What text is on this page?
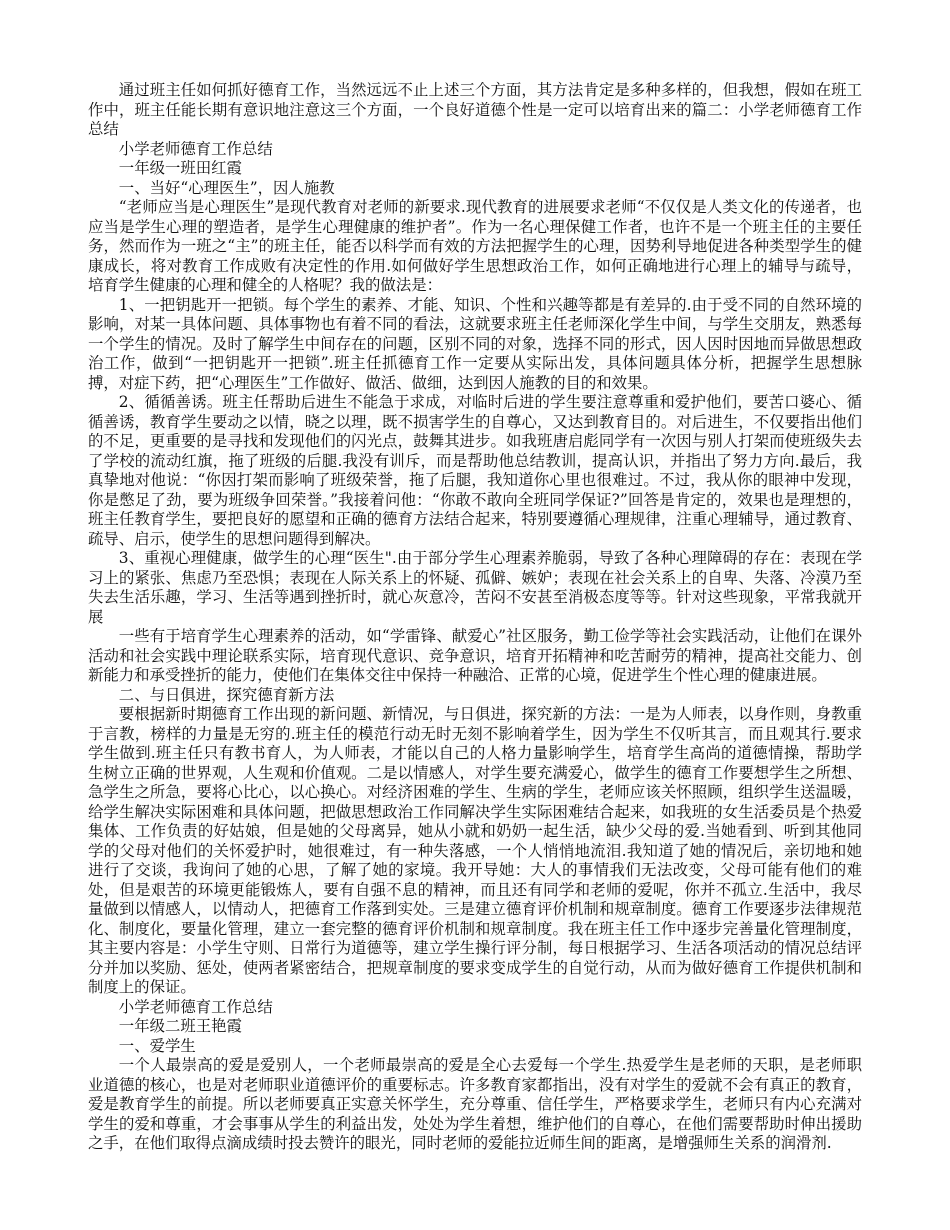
通过班主任如何抓好德育工作，当然远远不止上述三个方面，其方法肯定是多种多样的，但我想，假如在班工作中，班主任能长期有意识地注意这三个方面，一个良好道德个性是一定可以培育出来的篇二：小学老师德育工作总结

小学老师德育工作总结

一年级一班田红霞

一、当好“心理医生”，因人施教

“老师应当是心理医生”是现代教育对老师的新要求.现代教育的进展要求老师“不仅仅是人类文化的传递者，也应当是学生心理的塑造者，是学生心理健康的维护者”。作为一名心理保健工作者，也许不是一个班主任的主要任务，然而作为一班之“主”的班主任，能否以科学而有效的方法把握学生的心理，因势利导地促进各种类型学生的健康成长，将对教育工作成败有决定性的作用.如何做好学生思想政治工作，如何正确地进行心理上的辅导与疏导，培育学生健康的心理和健全的人格呢？我的做法是：

1、一把钥匙开一把锁。每个学生的素养、才能、知识、个性和兴趣等都是有差异的.由于受不同的自然环境的影响，对某一具体问题、具体事物也有着不同的看法，这就要求班主任老师深化学生中间，与学生交朋友，熟悉每一个学生的情况。及时了解学生中间存在的问题，区别不同的对象，选择不同的形式，因人因时因地而异做思想政治工作，做到“一把钥匙开一把锁”.班主任抓德育工作一定要从实际出发，具体问题具体分析，把握学生思想脉搏，对症下药，把“心理医生”工作做好、做活、做细，达到因人施教的目的和效果。

2、循循善诱。班主任帮助后进生不能急于求成，对临时后进的学生要注意尊重和爱护他们，要苦口婆心、循循善诱，教育学生要动之以情，晓之以理，既不损害学生的自尊心，又达到教育目的。对后进生，不仅要指出他们的不足，更重要的是寻找和发现他们的闪光点，鼓舞其进步。如我班唐启彪同学有一次因与别人打架而使班级失去了学校的流动红旗，拖了班级的后腿.我没有训斥，而是帮助他总结教训，提高认识，并指出了努力方向.最后，我真挚地对他说：“你因打架而影响了班级荣誉，拖了后腿，我知道你心里也很难过。不过，我从你的眼神中发现，你是憋足了劲，要为班级争回荣誉。”我接着问他：“你敢不敢向全班同学保证?”回答是肯定的，效果也是理想的，班主任教育学生，要把良好的愿望和正确的德育方法结合起来，特别要遵循心理规律，注重心理辅导，通过教育、疏导、启示，使学生的思想问题得到解决。

3、重视心理健康，做学生的心理“医生".由于部分学生心理素养脆弱，导致了各种心理障碍的存在：表现在学习上的紧张、焦虑乃至恐惧；表现在人际关系上的怀疑、孤僻、嫉妒；表现在社会关系上的自卑、失落、冷漠乃至失去生活乐趣，学习、生活等遇到挫折时，就心灰意冷，苦闷不安甚至消极态度等等。针对这些现象，平常我就开展

一些有于培育学生心理素养的活动，如“学雷锋、献爱心”社区服务，勤工俭学等社会实践活动，让他们在课外活动和社会实践中理论联系实际，培育现代意识、竞争意识，培育开拓精神和吃苦耐劳的精神，提高社交能力、创新能力和承受挫折的能力，使他们在集体交往中保持一种融洽、正常的心境，促进学生个性心理的健康进展。

二、与日俱进，探究德育新方法

要根据新时期德育工作出现的新问题、新情况，与日俱进，探究新的方法：一是为人师表，以身作则，身教重于言教，榜样的力量是无穷的.班主任的模范行动无时无刻不影响着学生，因为学生不仅听其言，而且观其行.要求学生做到.班主任只有教书育人，为人师表，才能以自己的人格力量影响学生，培育学生高尚的道德情操，帮助学生树立正确的世界观，人生观和价值观。二是以情感人，对学生要充满爱心，做学生的德育工作要想学生之所想、急学生之所急，要将心比心，以心换心。对经济困难的学生、生病的学生，老师应该关怀照顾，组织学生送温暖，给学生解决实际困难和具体问题，把做思想政治工作同解决学生实际困难结合起来，如我班的女生活委员是个热爱集体、工作负责的好姑娘，但是她的父母离异，她从小就和奶奶一起生活，缺少父母的爱.当她看到、听到其他同学的父母对他们的关怀爱护时，她很难过，有一种失落感，一个人悄悄地流泪.我知道了她的情况后，亲切地和她进行了交谈，我询问了她的心思，了解了她的家境。我开导她：大人的事情我们无法改变，父母可能有他们的难处，但是艰苦的环境更能锻炼人，要有自强不息的精神，而且还有同学和老师的爱呢，你并不孤立.生活中，我尽量做到以情感人，以情动人，把德育工作落到实处。三是建立德育评价机制和规章制度。德育工作要逐步法律规范化、制度化，要量化管理，建立一套完整的德育评价机制和规章制度。我在班主任工作中逐步完善量化管理制度，其主要内容是：小学生守则、日常行为道德等，建立学生操行评分制，每日根据学习、生活各项活动的情况总结评分并加以奖励、惩处，使两者紧密结合，把规章制度的要求变成学生的自觉行动，从而为做好德育工作提供机制和制度上的保证。

小学老师德育工作总结

一年级二班王艳霞

一、爱学生

一个人最崇高的爱是爱别人，一个老师最崇高的爱是全心去爱每一个学生.热爱学生是老师的天职，是老师职业道德的核心，也是对老师职业道德评价的重要标志。许多教育家都指出，没有对学生的爱就不会有真正的教育，爱是教育学生的前提。所以老师要真正实意关怀学生，充分尊重、信任学生，严格要求学生，老师只有内心充满对学生的爱和尊重，才会事事从学生的利益出发，处处为学生着想，维护他们的自尊心，在他们需要帮助时伸出援助之手，在他们取得点滴成绩时投去赞许的眼光，同时老师的爱能拉近师生间的距离，是增强师生关系的润滑剂.
